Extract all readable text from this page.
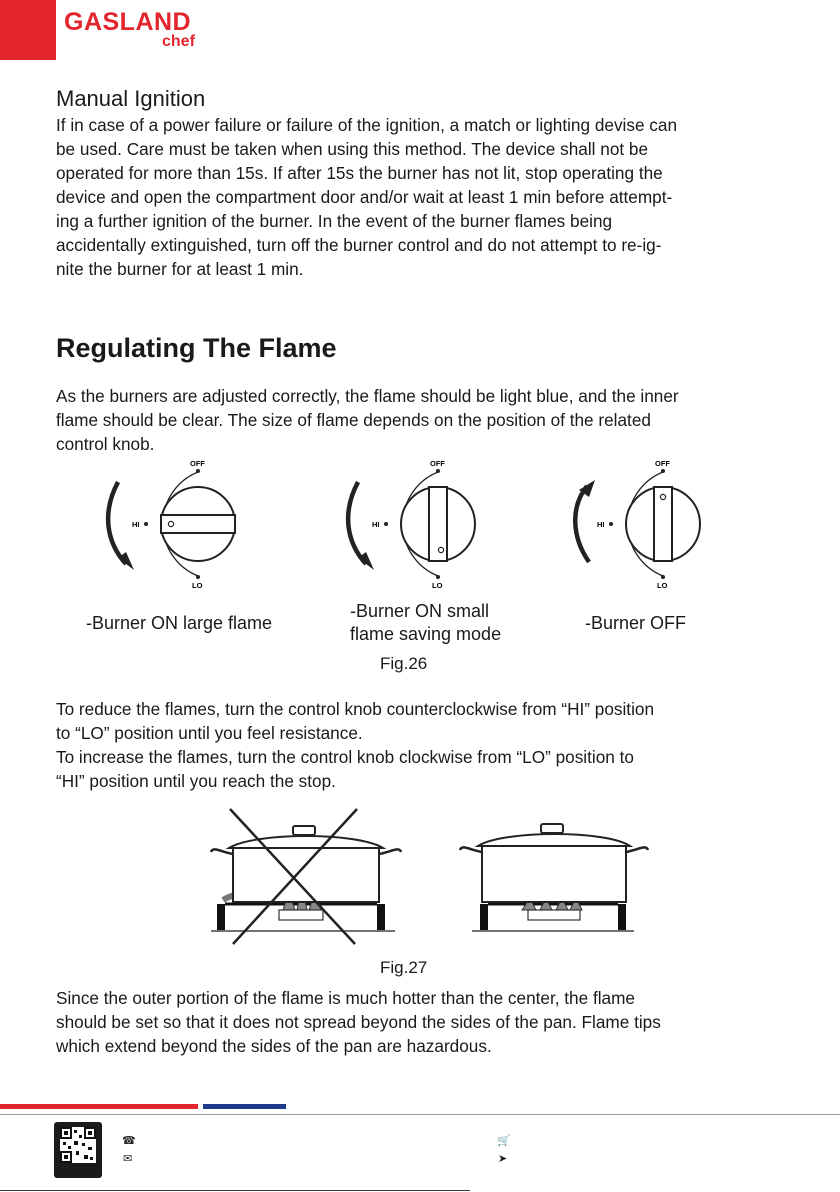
GASLAND
chef
Manual Ignition
If in case of a power failure or failure of the ignition, a match or lighting devise can
be used. Care must be taken when using this method. The device shall not be
operated for more than 15s. If after 15s the burner has not lit, stop operating the
device and open the compartment door and/or wait at least 1 min before attempt-
ing a further ignition of the burner. In the event of the burner flames being
accidentally extinguished, turn off the burner control and do not attempt to re-ig-
nite the burner for at least 1 min.
Regulating The Flame
As the burners are adjusted correctly, the flame should be light blue, and the inner
flame should be clear. The size of flame depends on the position of the related
control knob.
OFF
HI
LO
OFF
HI
LO
OFF
HI
LO
-Burner ON large flame
-Burner ON small
flame saving mode
-Burner OFF
Fig.26
To reduce the flames, turn the control knob counterclockwise from “HI” position
to “LO” position until you feel resistance.
To increase the flames, turn the control knob clockwise from “LO” position to
“HI” position until you reach the stop.
Fig.27
Since the outer portion of the flame is much hotter than the center, the flame
should be set so that it does not spread beyond the sides of the pan. Flame tips
which extend beyond the sides of the pan are hazardous.
☎
✉
🛒
➤
